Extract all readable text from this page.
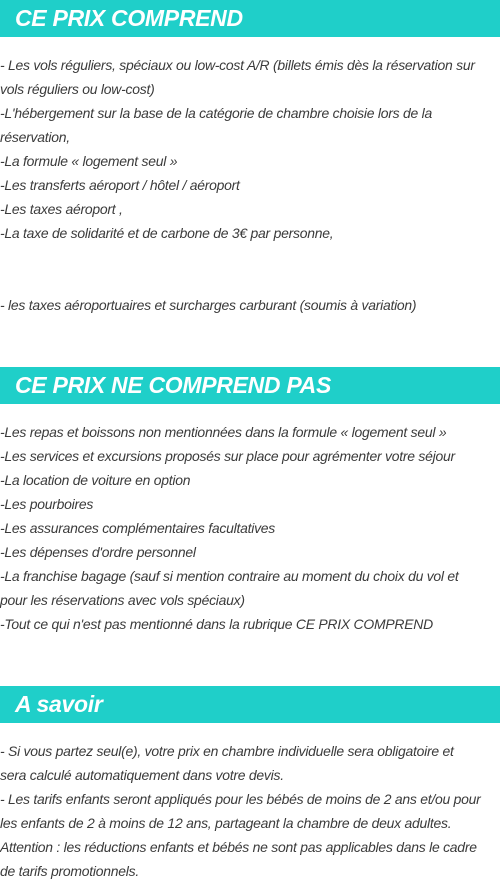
CE PRIX COMPREND
- Les vols réguliers, spéciaux ou low-cost A/R (billets émis dès la réservation sur
vols réguliers ou low-cost)
-L'hébergement sur la base de la catégorie de chambre choisie lors de la
réservation,
-La formule « logement seul »
-Les transferts aéroport / hôtel / aéroport
-Les taxes aéroport ,
-La taxe de solidarité et de carbone de 3€ par personne,
- les taxes aéroportuaires et surcharges carburant (soumis à variation)
CE PRIX NE COMPREND PAS
-Les repas et boissons non mentionnées dans la formule « logement seul »
-Les services et excursions proposés sur place pour agrémenter votre séjour
-La location de voiture en option
-Les pourboires
-Les assurances complémentaires facultatives
-Les dépenses d'ordre personnel
-La franchise bagage (sauf si mention contraire au moment du choix du vol et
pour les réservations avec vols spéciaux)
-Tout ce qui n'est pas mentionné dans la rubrique CE PRIX COMPREND
A savoir
- Si vous partez seul(e), votre prix en chambre individuelle sera obligatoire et
sera calculé automatiquement dans votre devis.
- Les tarifs enfants seront appliqués pour les bébés de moins de 2 ans et/ou pour
les enfants de 2 à moins de 12 ans, partageant la chambre de deux adultes.
Attention : les réductions enfants et bébés ne sont pas applicables dans le cadre
de tarifs promotionnels.
